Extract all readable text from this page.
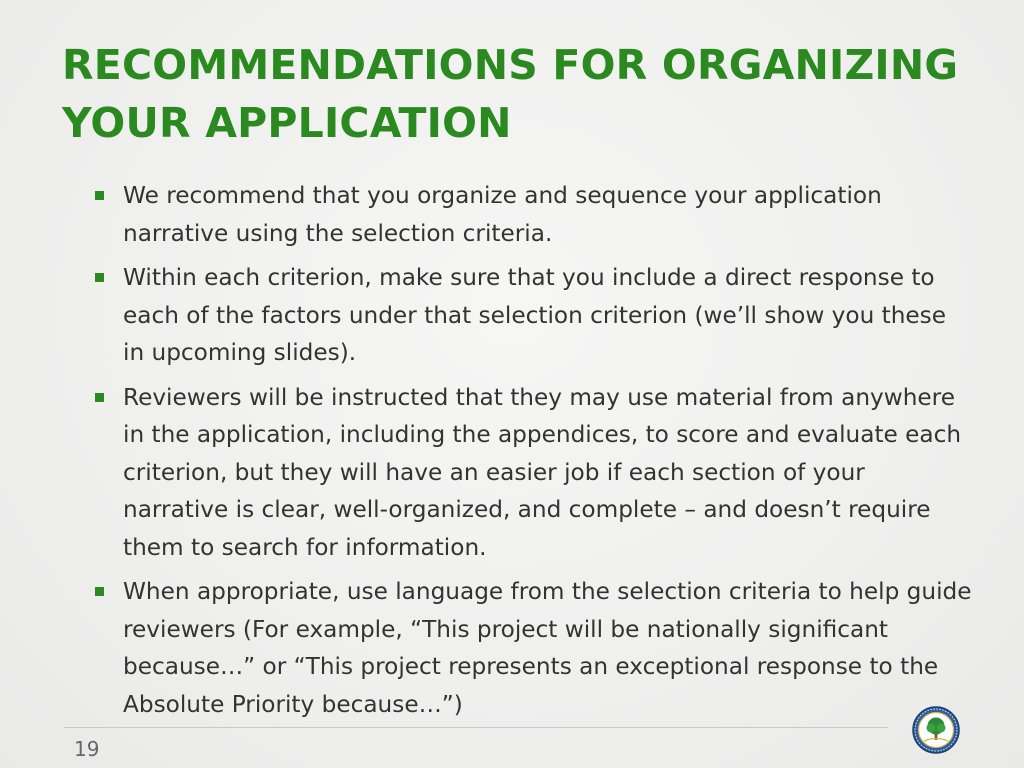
RECOMMENDATIONS FOR ORGANIZING
YOUR APPLICATION
We recommend that you organize and sequence your application narrative using the selection criteria.
Within each criterion, make sure that you include a direct response to each of the factors under that selection criterion (we’ll show you these in upcoming slides).
Reviewers will be instructed that they may use material from anywhere in the application, including the appendices, to score and evaluate each criterion, but they will have an easier job if each section of your narrative is clear, well-organized, and complete – and doesn’t require them to search for information.
When appropriate, use language from the selection criteria to help guide reviewers (For example, “This project will be nationally significant because…” or “This project represents an exceptional response to the Absolute Priority because…”)
19
